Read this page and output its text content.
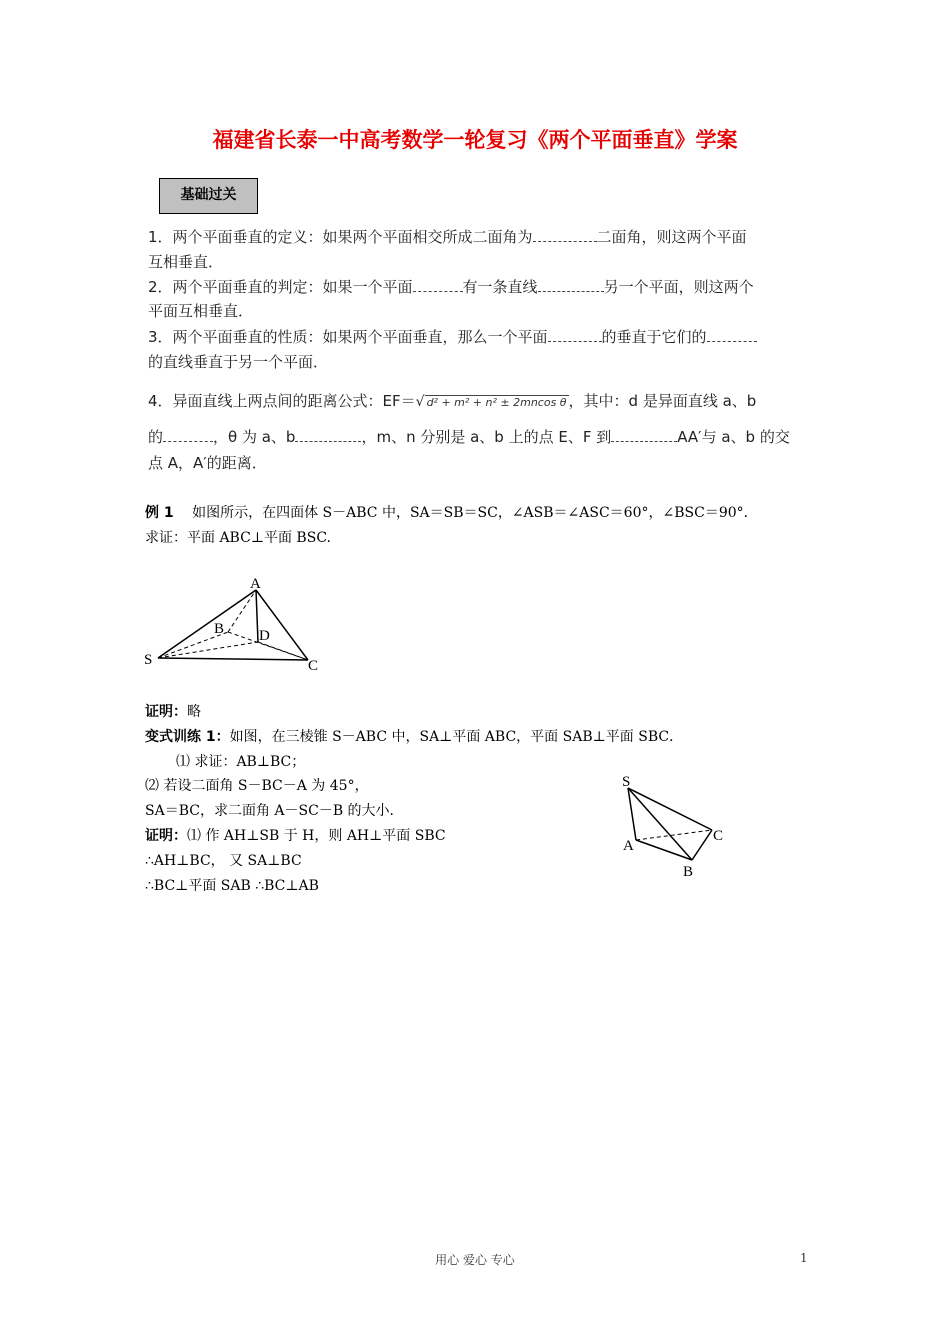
福建省长泰一中高考数学一轮复习《两个平面垂直》学案
基础过关
1．两个平面垂直的定义：如果两个平面相交所成二面角为	二面角，则这两个平面
互相垂直．
2．两个平面垂直的判定：如果一个平面	有一条直线	另一个平面，则这两个
平面互相垂直．
3．两个平面垂直的性质：如果两个平面垂直，那么一个平面	的垂直于它们的
的直线垂直于另一个平面．
4．异面直线上两点间的距离公式：EF＝√ d² + m² + n² ± 2mncos θ ，其中：d 是异面直线 a、b
的	，θ 为 a、b	，m、n 分别是 a、b 上的点 E、F 到	AA′与 a、b 的交
点 A，A′的距离．
例 1 如图所示，在四面体 S－ABC 中，SA＝SB＝SC，∠ASB＝∠ASC＝60°，∠BSC＝90°．
求证：平面 ABC⊥平面 BSC.
A
B D
S	C
证明：略
变式训练 1：如图，在三棱锥 S－ABC 中，SA⊥平面 ABC，平面 SAB⊥平面 SBC．
⑴ 求证：AB⊥BC；
⑵ 若设二面角 S－BC－A 为 45°，
SA＝BC，求二面角 A－SC－B 的大小．
证明：⑴ 作 AH⊥SB 于 H，则 AH⊥平面 SBC
∴AH⊥BC， 又 SA⊥BC
∴BC⊥平面 SAB ∴BC⊥AB
S
A
B
C
用心 爱心 专心	1
